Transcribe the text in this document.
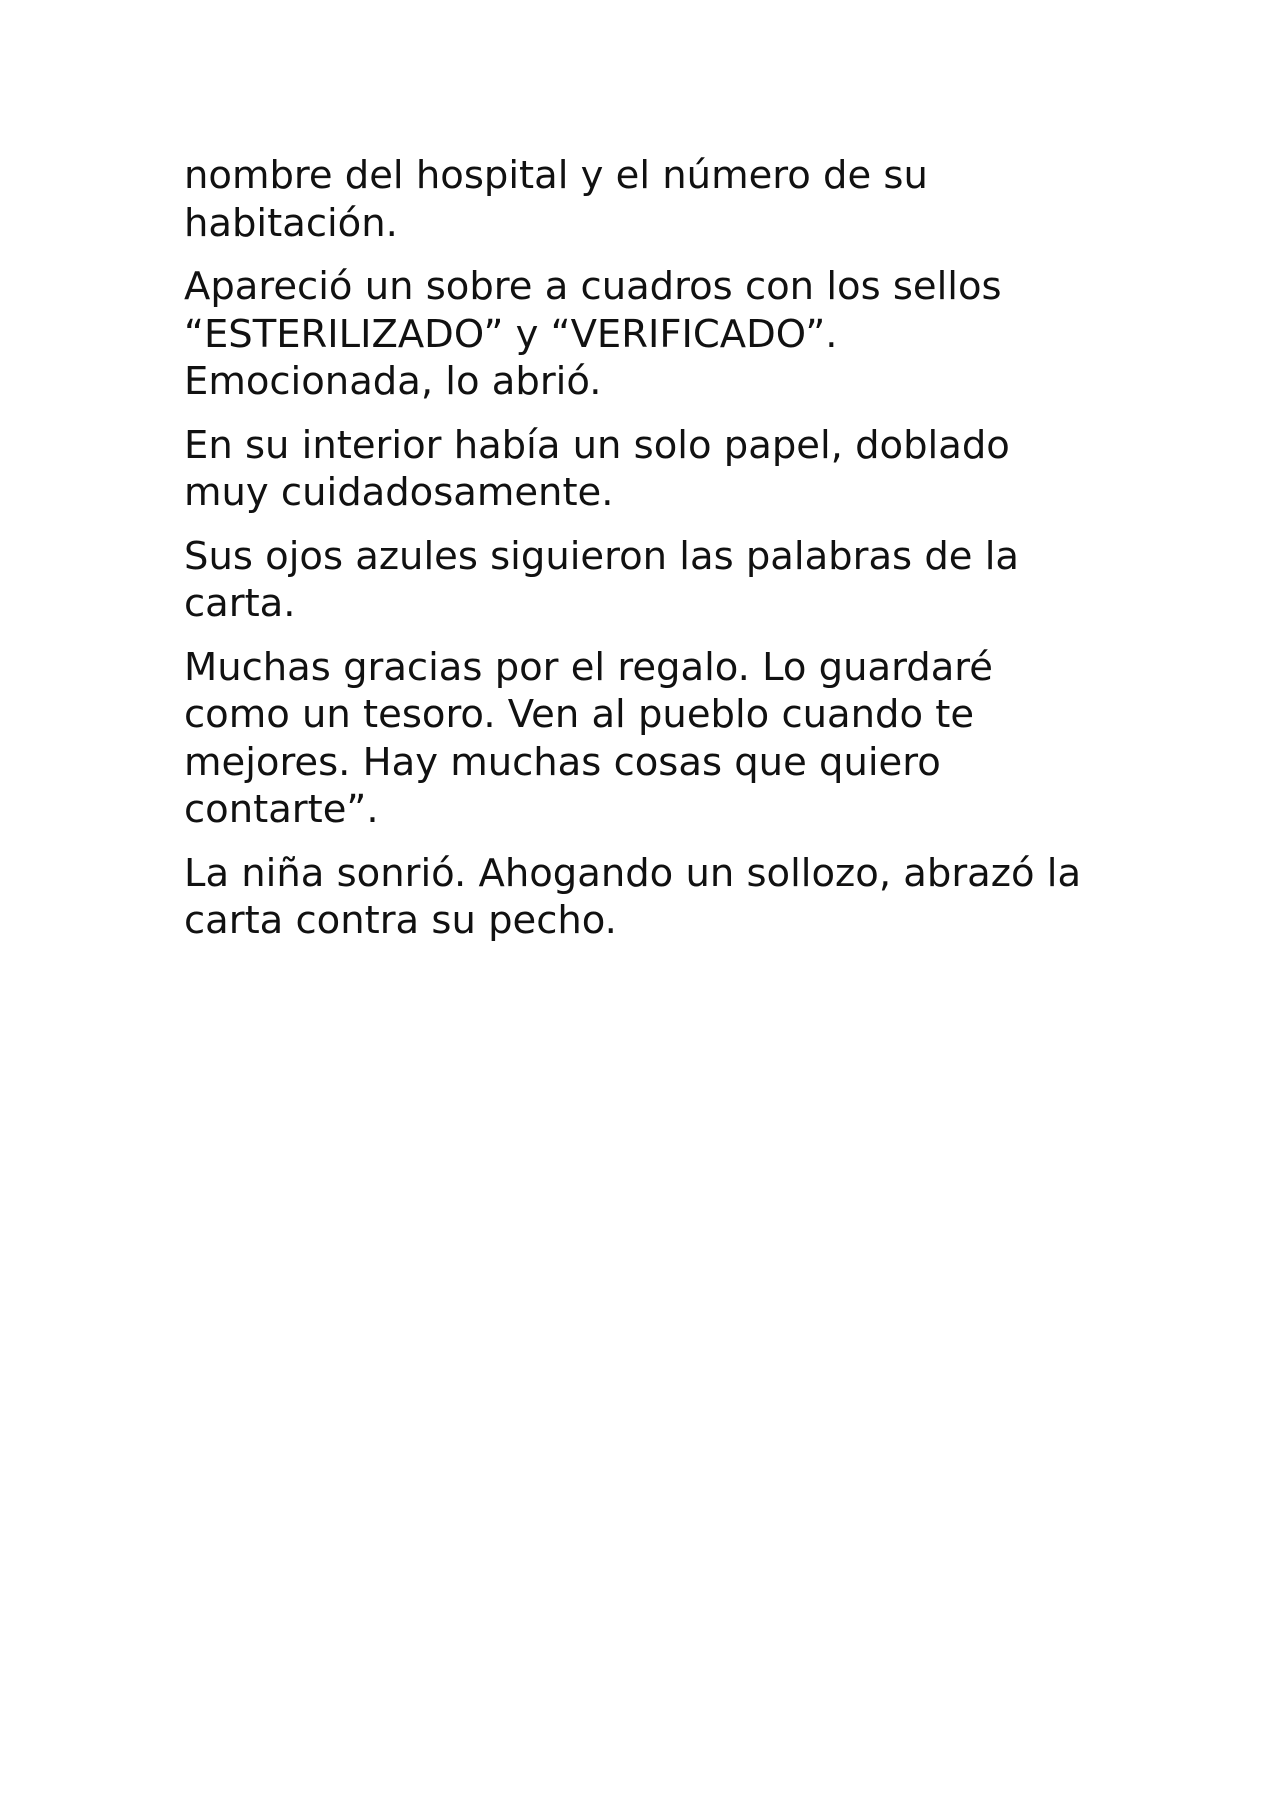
nombre del hospital y el número de su
habitación.

Apareció un sobre a cuadros con los sellos
“ESTERILIZADO” y “VERIFICADO”.
Emocionada, lo abrió.

En su interior había un solo papel, doblado
muy cuidadosamente.

Sus ojos azules siguieron las palabras de la
carta.

Muchas gracias por el regalo. Lo guardaré
como un tesoro. Ven al pueblo cuando te
mejores. Hay muchas cosas que quiero
contarte”.

La niña sonrió. Ahogando un sollozo, abrazó la
carta contra su pecho.
